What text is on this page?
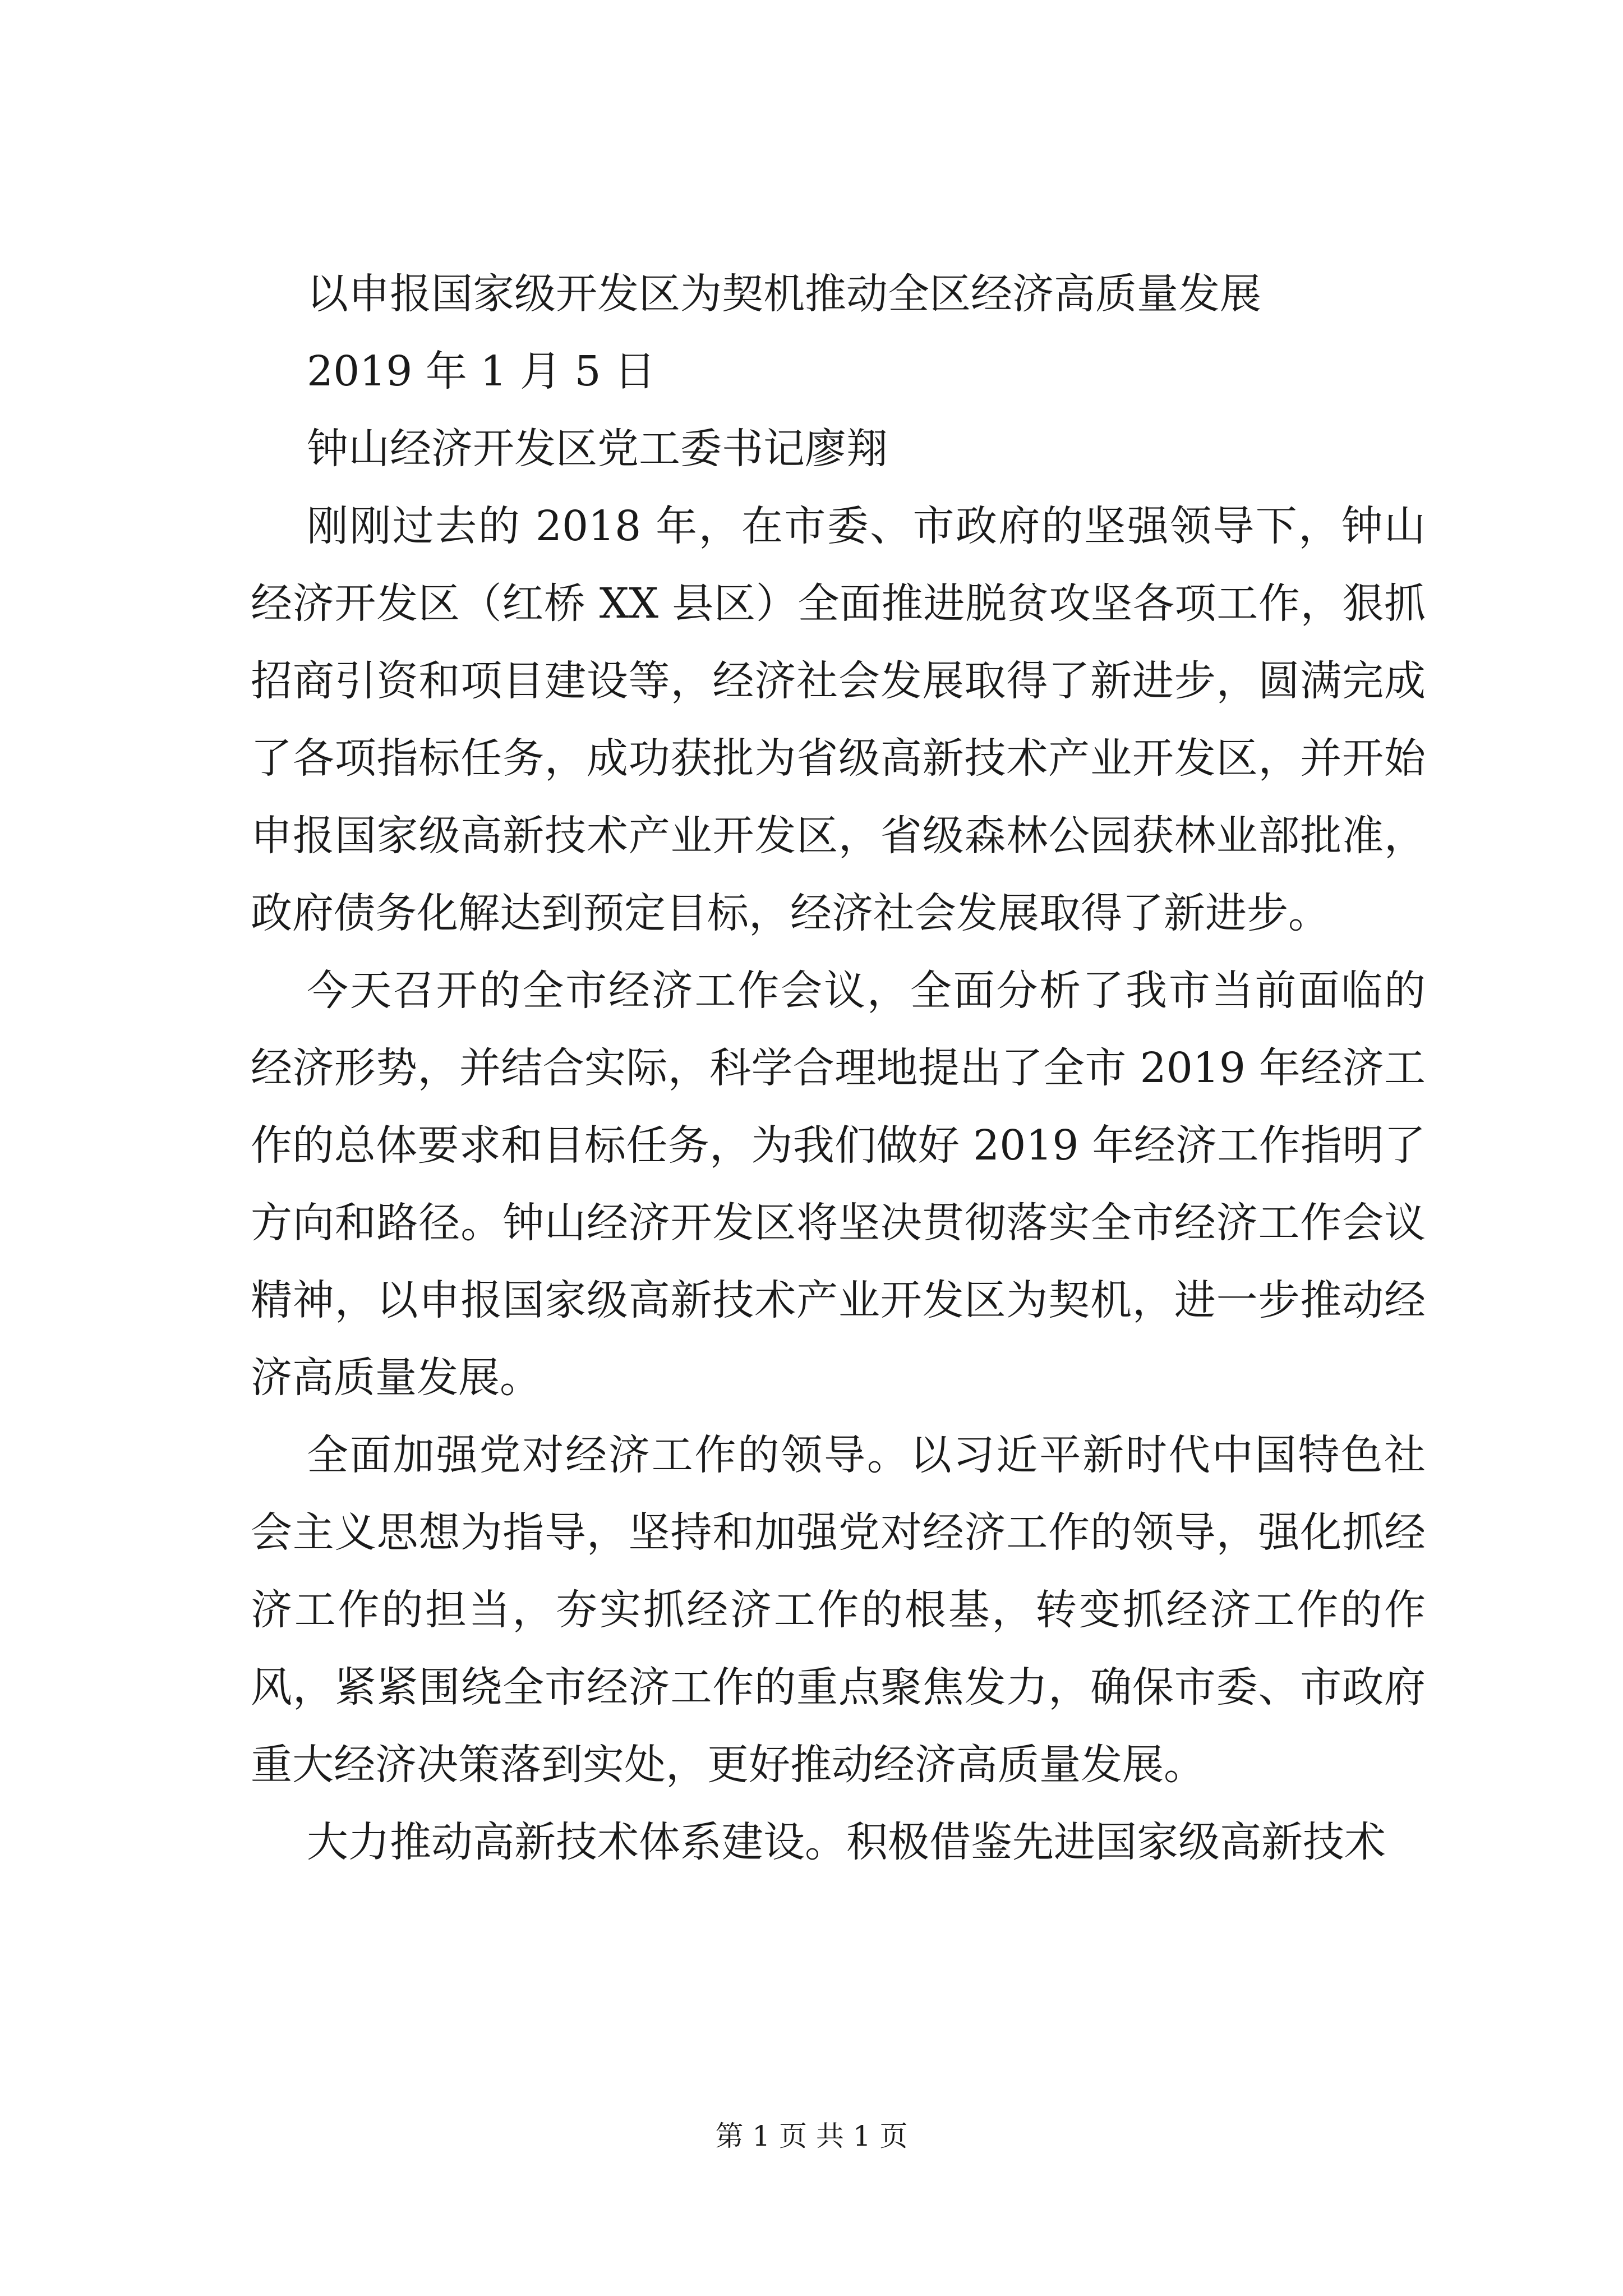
以申报国家级开发区为契机推动全区经济高质量发展

2019 年 1 月 5 日

钟山经济开发区党工委书记廖翔

刚刚过去的 2018 年，在市委、市政府的坚强领导下，钟山经济开发区（红桥 XX 县区）全面推进脱贫攻坚各项工作，狠抓招商引资和项目建设等，经济社会发展取得了新进步，圆满完成了各项指标任务，成功获批为省级高新技术产业开发区，并开始申报国家级高新技术产业开发区，省级森林公园获林业部批准，政府债务化解达到预定目标，经济社会发展取得了新进步。

今天召开的全市经济工作会议，全面分析了我市当前面临的经济形势，并结合实际，科学合理地提出了全市 2019 年经济工作的总体要求和目标任务，为我们做好 2019 年经济工作指明了方向和路径。钟山经济开发区将坚决贯彻落实全市经济工作会议精神，以申报国家级高新技术产业开发区为契机，进一步推动经济高质量发展。

全面加强党对经济工作的领导。以习近平新时代中国特色社会主义思想为指导，坚持和加强党对经济工作的领导，强化抓经济工作的担当，夯实抓经济工作的根基，转变抓经济工作的作风，紧紧围绕全市经济工作的重点聚焦发力，确保市委、市政府重大经济决策落到实处，更好推动经济高质量发展。

大力推动高新技术体系建设。积极借鉴先进国家级高新技术

第 1 页 共 1 页
